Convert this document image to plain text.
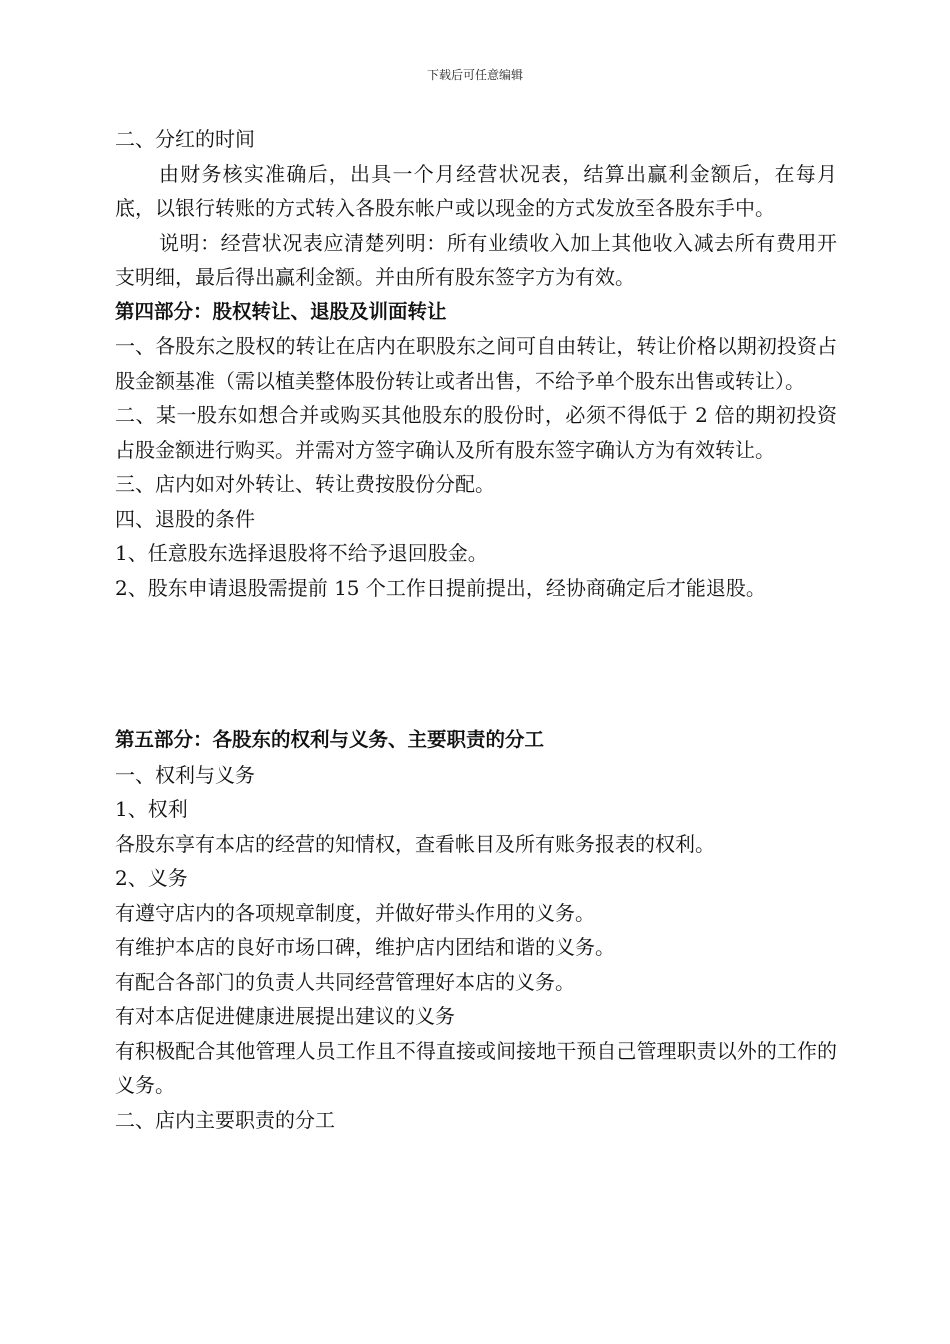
下载后可任意编辑

二、分红的时间

由财务核实准确后，出具一个月经营状况表，结算出赢利金额后，在每月底，以银行转账的方式转入各股东帐户或以现金的方式发放至各股东手中。

说明：经营状况表应清楚列明：所有业绩收入加上其他收入减去所有费用开支明细，最后得出赢利金额。并由所有股东签字方为有效。

第四部分：股权转让、退股及训面转让

一、各股东之股权的转让在店内在职股东之间可自由转让，转让价格以期初投资占股金额基准（需以植美整体股份转让或者出售，不给予单个股东出售或转让）。

二、某一股东如想合并或购买其他股东的股份时，必须不得低于 2 倍的期初投资占股金额进行购买。并需对方签字确认及所有股东签字确认方为有效转让。

三、店内如对外转让、转让费按股份分配。

四、退股的条件

1、任意股东选择退股将不给予退回股金。

2、股东申请退股需提前 15 个工作日提前提出，经协商确定后才能退股。

第五部分：各股东的权利与义务、主要职责的分工

一、权利与义务

1、权利

各股东享有本店的经营的知情权，查看帐目及所有账务报表的权利。

2、义务

有遵守店内的各项规章制度，并做好带头作用的义务。

有维护本店的良好市场口碑，维护店内团结和谐的义务。

有配合各部门的负责人共同经营管理好本店的义务。

有对本店促进健康进展提出建议的义务

有积极配合其他管理人员工作且不得直接或间接地干预自己管理职责以外的工作的义务。

二、店内主要职责的分工
